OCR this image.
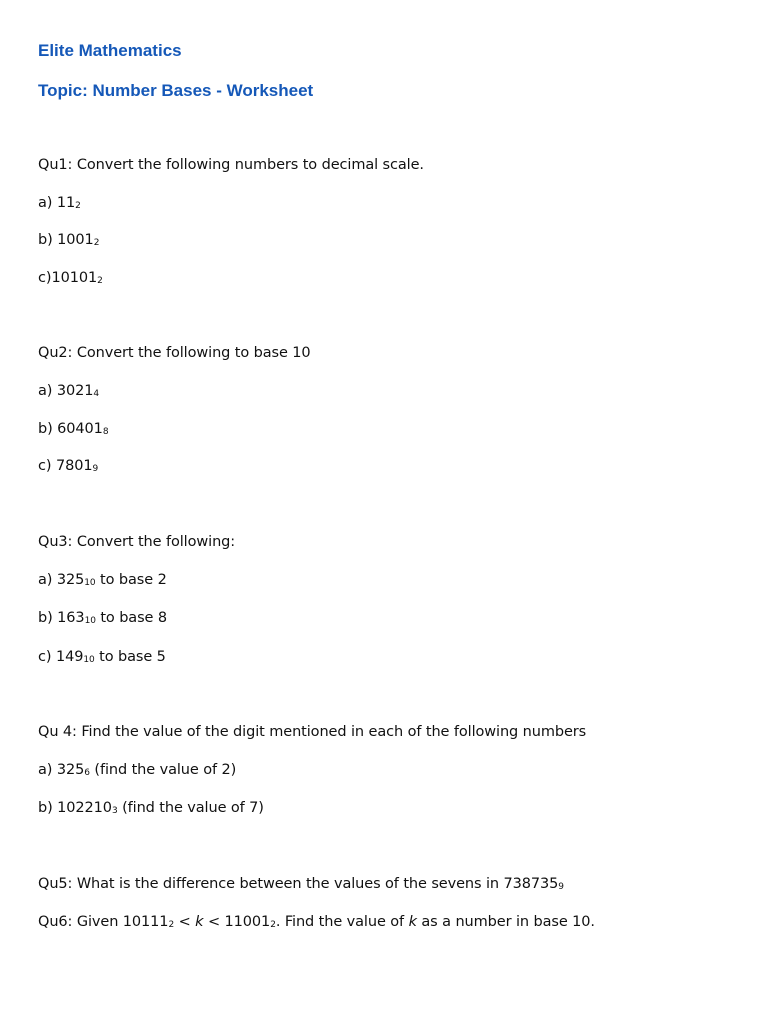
Elite Mathematics

Topic: Number Bases - Worksheet

Qu1: Convert the following numbers to decimal scale.

a) $11_2$

b) $1001_2$

$c)10101_2$

Qu2: Convert the following to base 10

a) $3021_4$

b) $60401_8$

c) $7801_9$

Qu3: Convert the following:

a) $325_{10}$ to base 2

b) $163_{10}$ to base 8

c) $149_{10}$ to base 5

Qu 4: Find the value of the digit mentioned in each of the following numbers

a) $325_6$ (find the value of 2)

b) $102210_3$ (find the value of 7)

Qu5: What is the difference between the values of the sevens in $738735_9$

Qu6: Given $10111_2 < k < 11001_2$. Find the value of k as a number in base 10.
